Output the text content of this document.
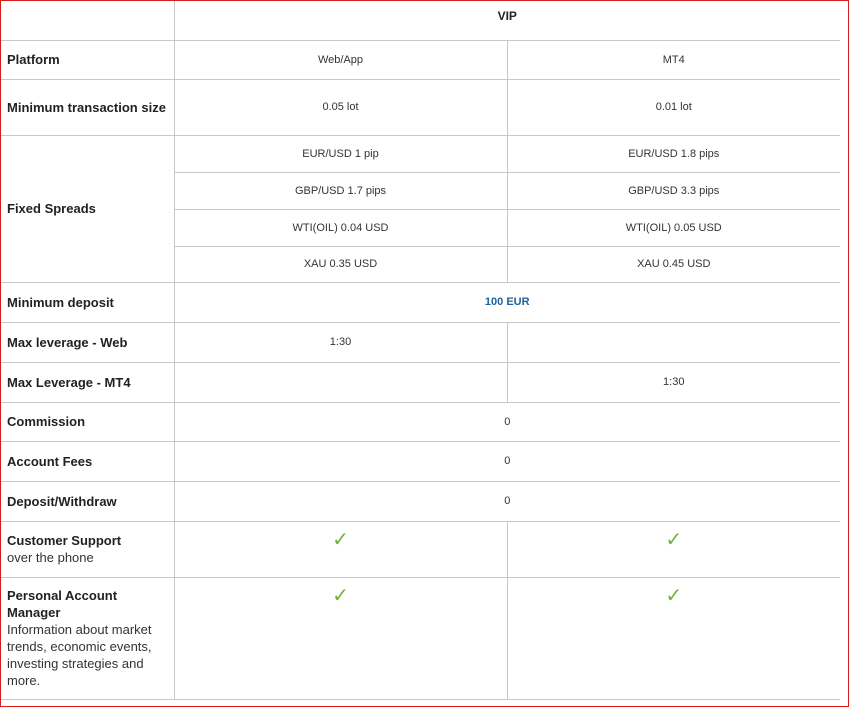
	VIP	
Platform	Web/App	MT4
Minimum transaction size	0.05 lot	0.01 lot
Fixed Spreads	EUR/USD 1 pip	EUR/USD 1.8 pips
	GBP/USD 1.7 pips	GBP/USD 3.3 pips
	WTI(OIL) 0.04 USD	WTI(OIL) 0.05 USD
	XAU 0.35 USD	XAU 0.45 USD
Minimum deposit	100 EUR	
Max leverage - Web	1:30	
Max Leverage - MT4		1:30
Commission	0	
Account Fees	0	
Deposit/Withdraw	0	
Customer Support
over the phone	✓	✓
Personal Account Manager
Information about market trends, economic events, investing strategies and more.	✓	✓
